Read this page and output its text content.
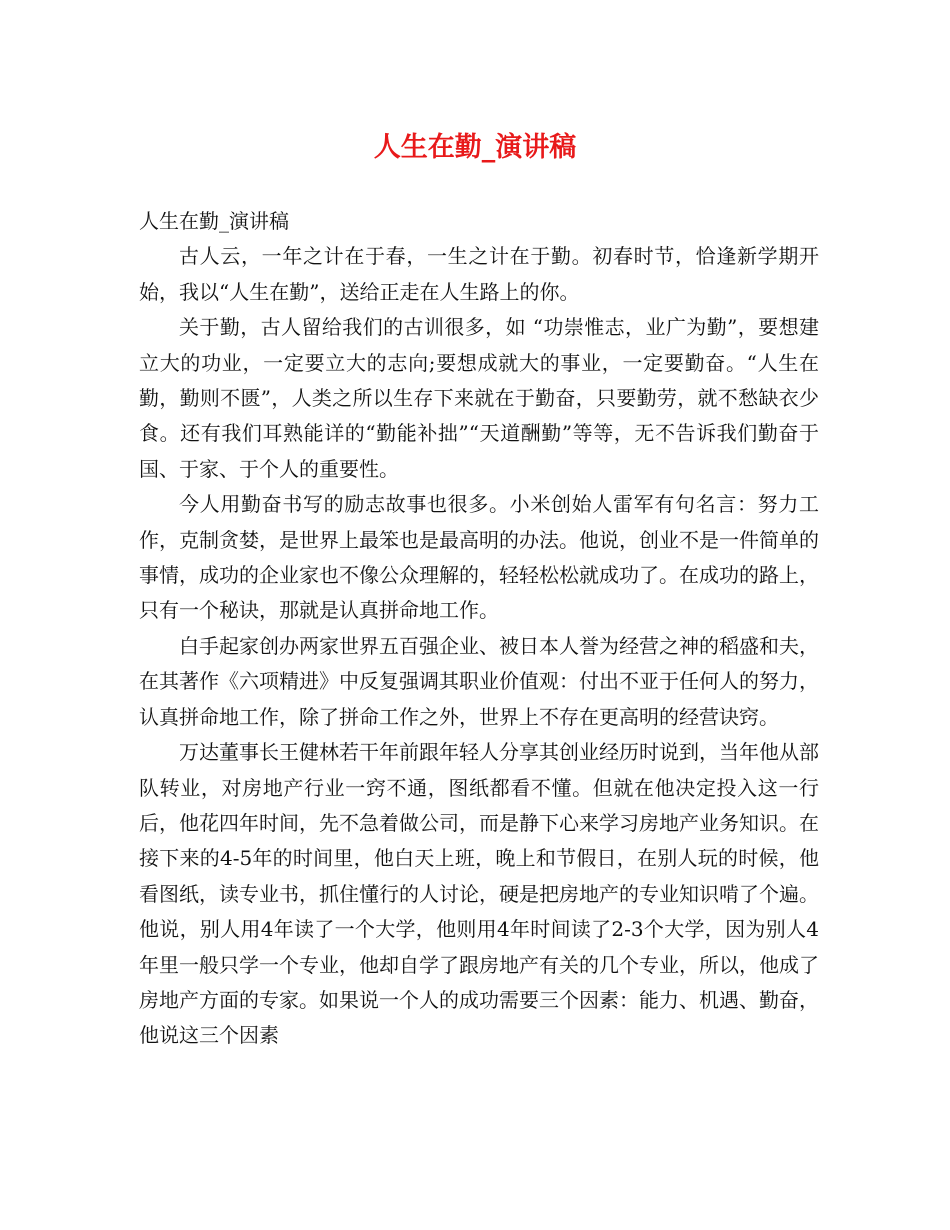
人生在勤_演讲稿

人生在勤_演讲稿

古人云，一年之计在于春，一生之计在于勤。初春时节，恰逢新学期开始，我以“人生在勤”，送给正走在人生路上的你。

关于勤，古人留给我们的古训很多，如 “功崇惟志，业广为勤”，要想建立大的功业，一定要立大的志向;要想成就大的事业，一定要勤奋。“人生在勤，勤则不匮”，人类之所以生存下来就在于勤奋，只要勤劳，就不愁缺衣少食。还有我们耳熟能详的“勤能补拙”“天道酬勤”等等，无不告诉我们勤奋于国、于家、于个人的重要性。

今人用勤奋书写的励志故事也很多。小米创始人雷军有句名言：努力工作，克制贪婪，是世界上最笨也是最高明的办法。他说，创业不是一件简单的事情，成功的企业家也不像公众理解的，轻轻松松就成功了。在成功的路上，只有一个秘诀，那就是认真拼命地工作。

白手起家创办两家世界五百强企业、被日本人誉为经营之神的稻盛和夫，在其著作《六项精进》中反复强调其职业价值观：付出不亚于任何人的努力，认真拼命地工作，除了拼命工作之外，世界上不存在更高明的经营诀窍。

万达董事长王健林若干年前跟年轻人分享其创业经历时说到，当年他从部队转业，对房地产行业一窍不通，图纸都看不懂。但就在他决定投入这一行后，他花四年时间，先不急着做公司，而是静下心来学习房地产业务知识。在接下来的4-5年的时间里，他白天上班，晚上和节假日，在别人玩的时候，他看图纸，读专业书，抓住懂行的人讨论，硬是把房地产的专业知识啃了个遍。他说，别人用4年读了一个大学，他则用4年时间读了2-3个大学，因为别人4年里一般只学一个专业，他却自学了跟房地产有关的几个专业，所以，他成了房地产方面的专家。如果说一个人的成功需要三个因素：能力、机遇、勤奋，他说这三个因素
